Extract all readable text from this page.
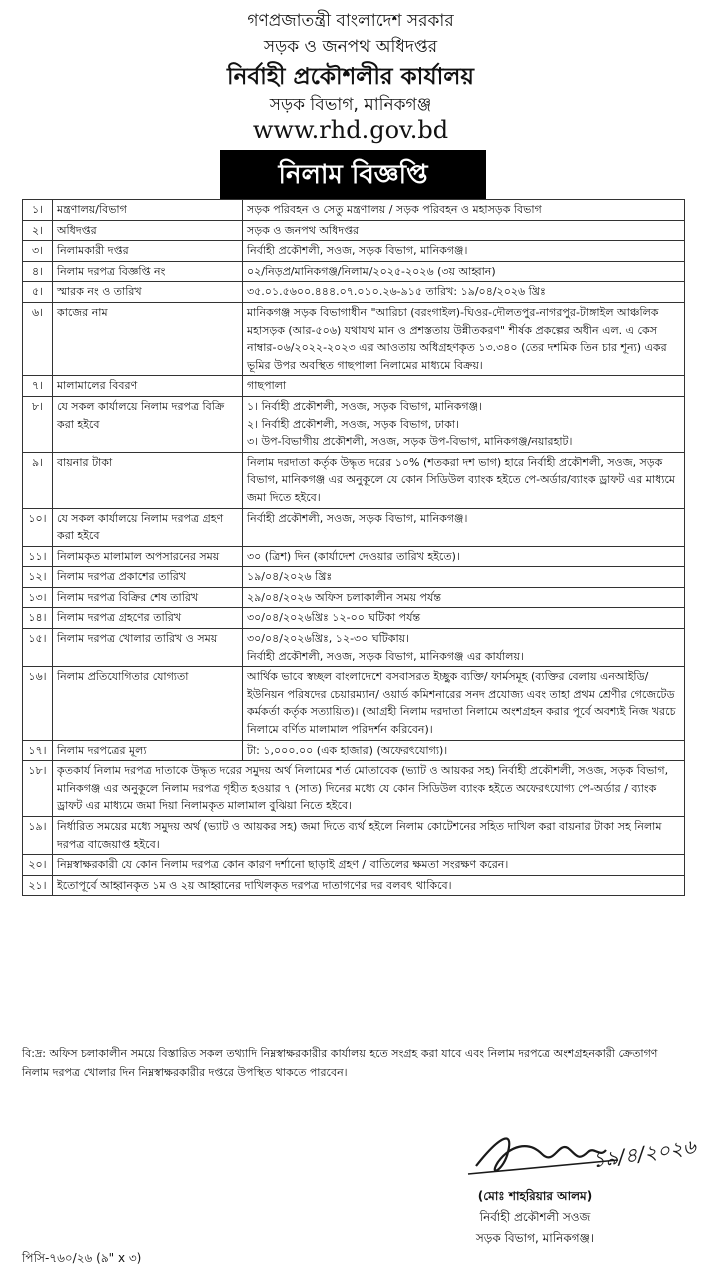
গণপ্রজাতন্ত্রী বাংলাদেশ সরকার
সড়ক ও জনপথ অধিদপ্তর
নির্বাহী প্রকৌশলীর কার্যালয়
সড়ক বিভাগ, মানিকগঞ্জ
www.rhd.gov.bd
নিলাম বিজ্ঞপ্তি
১।	মন্ত্রণালয়/বিভাগ	সড়ক পরিবহন ও সেতু মন্ত্রণালয় / সড়ক পরিবহন ও মহাসড়ক বিভাগ
২।	অধিদপ্তর	সড়ক ও জনপথ অধিদপ্তর
৩।	নিলামকারী দপ্তর	নির্বাহী প্রকৌশলী, সওজ, সড়ক বিভাগ, মানিকগঞ্জ।
৪।	নিলাম দরপত্র বিজ্ঞপ্তি নং	০২/নিড়প্র/মানিকগঞ্জ/নিলাম/২০২৫-২০২৬ (৩য় আহ্বান)
৫।	স্মারক নং ও তারিখ	৩৫.০১.৫৬০০.৪৪৪.০৭.০১০.২৬-৯১৫ তারিখ: ১৯/০৪/২০২৬ খ্রিঃ
৬।	কাজের নাম	মানিকগঞ্জ সড়ক বিভাগাধীন "আরিচা (বরংগাইল)-ঘিওর-দৌলতপুর-নাগরপুর-টাঙ্গাইল আঞ্চলিক মহাসড়ক (আর-৫০৬) যথাযথ মান ও প্রশস্ততায় উন্নীতকরণ" শীর্ষক প্রকল্পের অধীন এল. এ কেস নাম্বার-০৬/২০২২-২০২৩ এর আওতায় অধিগ্রহণকৃত ১৩.৩৪০ (তের দশমিক তিন চার শূন্য) একর ভূমির উপর অবস্থিত গাছপালা নিলামের মাধ্যমে বিক্রয়।
৭।	মালামালের বিবরণ	গাছপালা
৮।	যে সকল কার্যালয়ে নিলাম দরপত্র বিক্রি করা হইবে	১। নির্বাহী প্রকৌশলী, সওজ, সড়ক বিভাগ, মানিকগঞ্জ।
২। নির্বাহী প্রকৌশলী, সওজ, সড়ক বিভাগ, ঢাকা।
৩। উপ-বিভাগীয় প্রকৌশলী, সওজ, সড়ক উপ-বিভাগ, মানিকগঞ্জ/নয়ারহাট।

৯।	বায়নার টাকা	নিলাম দরদাতা কর্তৃক উদ্ধৃত দরের ১০% (শতকরা দশ ভাগ) হারে নির্বাহী প্রকৌশলী, সওজ, সড়ক বিভাগ, মানিকগঞ্জ এর অনুকূলে যে কোন সিডিউল ব্যাংক হইতে পে-অর্ডার/ব্যাংক ড্রাফট এর মাধ্যমে জমা দিতে হইবে।
১০।	যে সকল কার্যালয়ে নিলাম দরপত্র গ্রহণ করা হইবে	নির্বাহী প্রকৌশলী, সওজ, সড়ক বিভাগ, মানিকগঞ্জ।
১১।	নিলামকৃত মালামাল অপসারনের সময়	৩০ (ত্রিশ) দিন (কার্যাদেশ দেওয়ার তারিখ হইতে)।
১২।	নিলাম দরপত্র প্রকাশের তারিখ	১৯/০৪/২০২৬ খ্রিঃ
১৩।	নিলাম দরপত্র বিক্রির শেষ তারিখ	২৯/০৪/২০২৬ অফিস চলাকালীন সময় পর্যন্ত
১৪।	নিলাম দরপত্র গ্রহণের তারিখ	৩০/০৪/২০২৬খ্রিঃ ১২-০০ ঘটিকা পর্যন্ত
১৫।	নিলাম দরপত্র খোলার তারিখ ও সময়	৩০/০৪/২০২৬খ্রিঃ, ১২-৩০ ঘটিকায়।
নির্বাহী প্রকৌশলী, সওজ, সড়ক বিভাগ, মানিকগঞ্জ এর কার্যালয়।

১৬।	নিলাম প্রতিযোগিতার যোগ্যতা	আর্থিক ভাবে স্বচ্ছল বাংলাদেশে বসবাসরত ইচ্ছুক ব্যক্তি/ ফার্মসমূহ (ব্যক্তির বেলায় এনআইডি/ ইউনিয়ন পরিষদের চেয়ারম্যান/ ওয়ার্ড কমিশনারের সনদ প্রযোজ্য এবং তাহা প্রথম শ্রেণীর গেজেটেড কর্মকর্তা কর্তৃক সত্যায়িত)। (আগ্রহী নিলাম দরদাতা নিলামে অংশগ্রহন করার পূর্বে অবশ্যই নিজ খরচে নিলামে বর্ণিত মালামাল পরিদর্শন করিবেন)।
১৭।	নিলাম দরপত্রের মূল্য	টা: ১,০০০.০০ (এক হাজার) (অফেরৎযোগ্য)।
১৮।	কৃতকার্য নিলাম দরপত্র দাতাকে উদ্ধৃত দরের সমুদয় অর্থ নিলামের শর্ত মোতাবেক (ভ্যাট ও আয়কর সহ) নির্বাহী প্রকৌশলী, সওজ, সড়ক বিভাগ, মানিকগঞ্জ এর অনুকূলে নিলাম দরপত্র গৃহীত হওয়ার ৭ (সাত) দিনের মধ্যে যে কোন সিডিউল ব্যাংক হইতে অফেরৎযোগ্য পে-অর্ডার / ব্যাংক ড্রাফট এর মাধ্যমে জমা দিয়া নিলামকৃত মালামাল বুঝিয়া নিতে হইবে।	
১৯।	নির্ধারিত সময়ের মধ্যে সমুদয় অর্থ (ভ্যাট ও আয়কর সহ) জমা দিতে ব্যর্থ হইলে নিলাম কোটেশনের সহিত দাখিল করা বায়নার টাকা সহ নিলাম দরপত্র বাজেয়াপ্ত হইবে।	
২০।	নিম্নস্বাক্ষরকারী যে কোন নিলাম দরপত্র কোন কারণ দর্শানো ছাড়াই গ্রহণ / বাতিলের ক্ষমতা সংরক্ষণ করেন।	
২১।	ইতোপূর্বে আহ্বানকৃত ১ম ও ২য় আহ্বানের দাখিলকৃত দরপত্র দাতাগণের দর বলবৎ থাকিবে।	
বি:দ্র: অফিস চলাকালীন সময়ে বিস্তারিত সকল তথ্যাদি নিম্নস্বাক্ষরকারীর কার্যালয় হতে সংগ্রহ করা যাবে এবং নিলাম দরপত্রে অংশগ্রহনকারী ক্রেতাগণ নিলাম দরপত্র খোলার দিন নিম্নস্বাক্ষরকারীর দপ্তরে উপস্থিত থাকতে পারবেন।
১৯/৪/২০২৬
(মোঃ শাহরিয়ার আলম)
নির্বাহী প্রকৌশলী সওজ
সড়ক বিভাগ, মানিকগঞ্জ।
পিসি-৭৬০/২৬ (৯" x ৩)
